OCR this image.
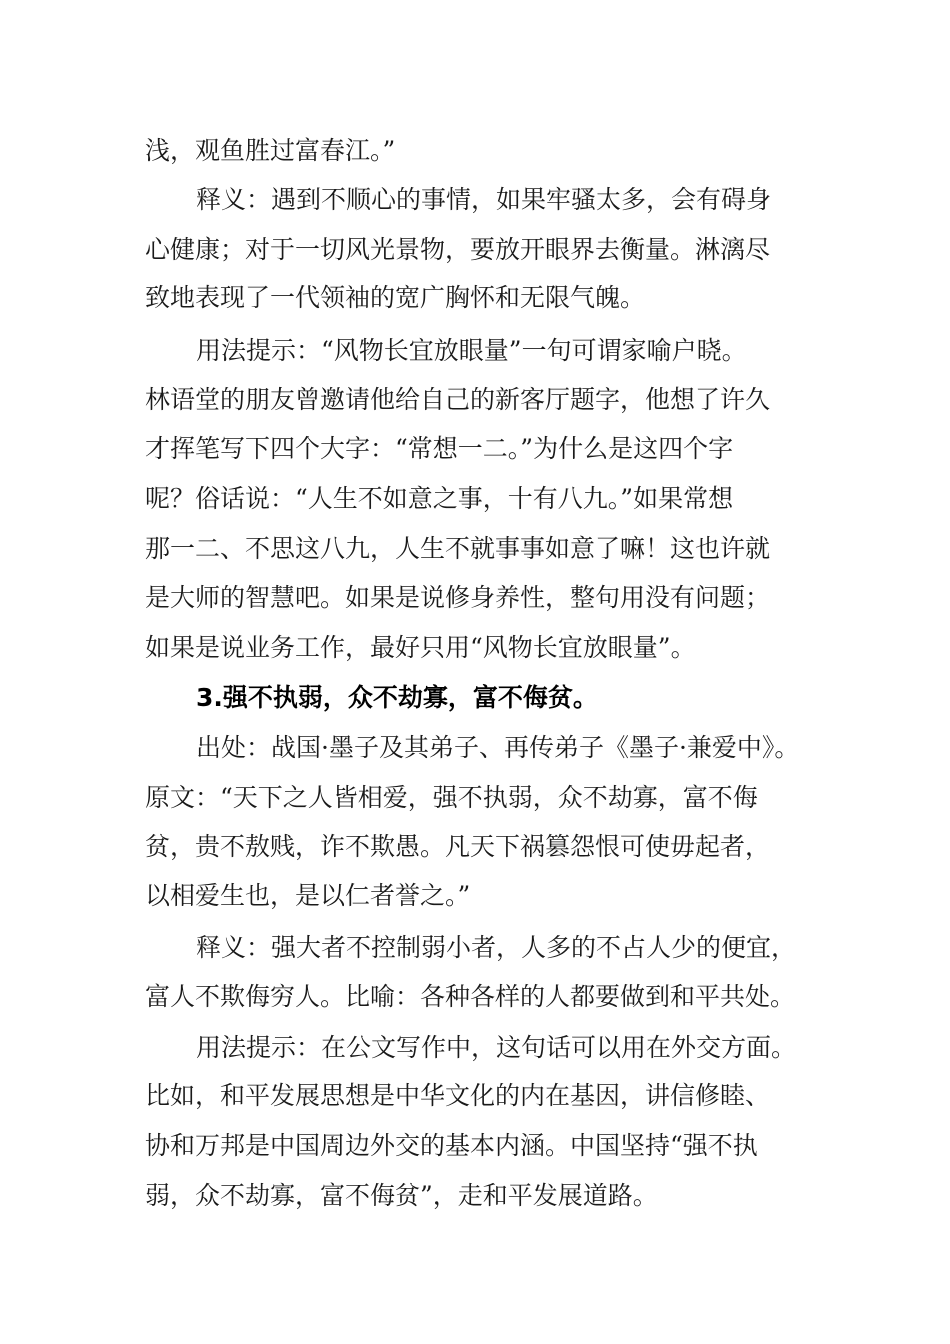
浅，观鱼胜过富春江。”
释义：遇到不顺心的事情，如果牢骚太多，会有碍身
心健康；对于一切风光景物，要放开眼界去衡量。淋漓尽
致地表现了一代领袖的宽广胸怀和无限气魄。
用法提示：“风物长宜放眼量”一句可谓家喻户晓。
林语堂的朋友曾邀请他给自己的新客厅题字，他想了许久
才挥笔写下四个大字：“常想一二。”为什么是这四个字
呢？俗话说：“人生不如意之事，十有八九。”如果常想
那一二、不思这八九，人生不就事事如意了嘛！这也许就
是大师的智慧吧。如果是说修身养性，整句用没有问题；
如果是说业务工作，最好只用“风物长宜放眼量”。
3.强不执弱，众不劫寡，富不侮贫。
出处：战国·墨子及其弟子、再传弟子《墨子·兼爱中》。
原文：“天下之人皆相爱，强不执弱，众不劫寡，富不侮
贫，贵不敖贱，诈不欺愚。凡天下祸篡怨恨可使毋起者，
以相爱生也，是以仁者誉之。”
释义：强大者不控制弱小者，人多的不占人少的便宜，
富人不欺侮穷人。比喻：各种各样的人都要做到和平共处。
用法提示：在公文写作中，这句话可以用在外交方面。
比如，和平发展思想是中华文化的内在基因，讲信修睦、
协和万邦是中国周边外交的基本内涵。中国坚持“强不执
弱，众不劫寡，富不侮贫”，走和平发展道路。
